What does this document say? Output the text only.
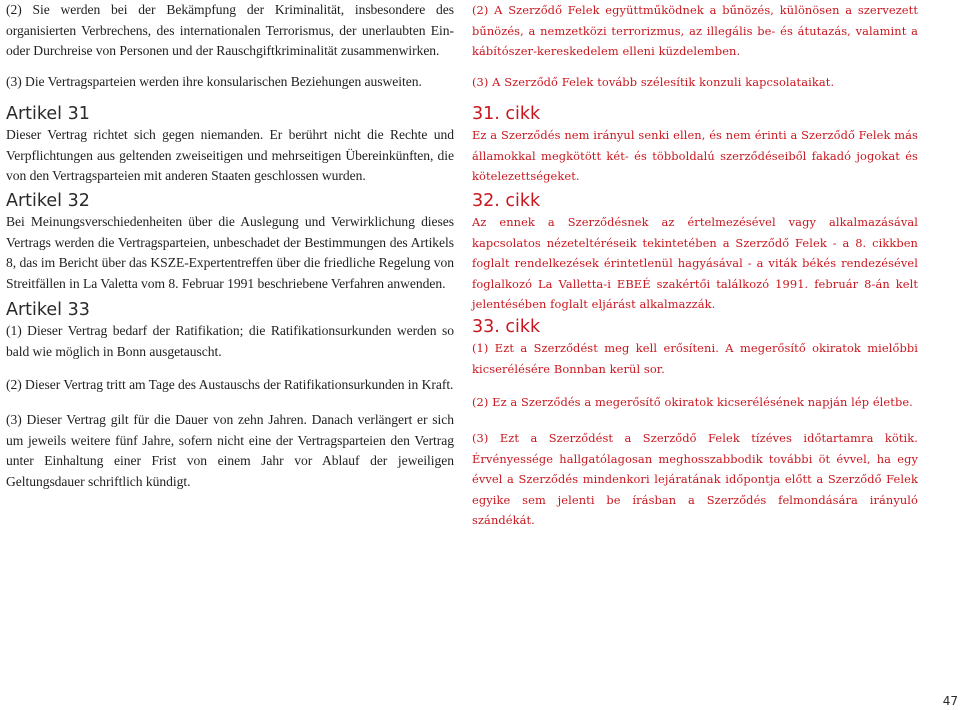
(2) Sie werden bei der Bekämpfung der Kriminalität, insbesondere des organisierten Verbrechens, des internationalen Terrorismus, der unerlaubten Ein- oder Durchreise von Personen und der Rauschgiftkriminalität zusammenwirken.

(3) Die Vertragsparteien werden ihre konsularischen Beziehungen ausweiten.

Artikel 31

Dieser Vertrag richtet sich gegen niemanden. Er berührt nicht die Rechte und Verpflichtungen aus geltenden zweiseitigen und mehrseitigen Übereinkünften, die von den Vertragsparteien mit anderen Staaten geschlossen wurden.

Artikel 32

Bei Meinungsverschiedenheiten über die Auslegung und Verwirklichung dieses Vertrags werden die Vertragsparteien, unbeschadet der Bestimmungen des Artikels 8, das im Bericht über das KSZE-Expertentreffen über die friedliche Regelung von Streitfällen in La Valetta vom 8. Februar 1991 beschriebene Verfahren anwenden.

Artikel 33

(1) Dieser Vertrag bedarf der Ratifikation; die Ratifikationsurkunden werden so bald wie möglich in Bonn ausgetauscht.

(2) Dieser Vertrag tritt am Tage des Austauschs der Ratifikationsurkunden in Kraft.

(3) Dieser Vertrag gilt für die Dauer von zehn Jahren. Danach verlängert er sich um jeweils weitere fünf Jahre, sofern nicht eine der Vertragsparteien den Vertrag unter Einhaltung einer Frist von einem Jahr vor Ablauf der jeweiligen Geltungsdauer schriftlich kündigt.

(2) A Szerződő Felek együttműködnek a bűnözés, különösen a szervezett bűnözés, a nemzetközi terrorizmus, az illegális be- és átutazás, valamint a kábítószer-kereskedelem elleni küzdelemben.

(3) A Szerződő Felek tovább szélesítik konzuli kapcsolataikat.

31. cikk

Ez a Szerződés nem irányul senki ellen, és nem érinti a Szerződő Felek más államokkal megkötött két- és többoldalú szerződéseiből fakadó jogokat és kötelezettségeket.

32. cikk

Az ennek a Szerződésnek az értelmezésével vagy alkalmazásával kapcsolatos nézeteltéréseik tekintetében a Szerződő Felek - a 8. cikkben foglalt rendelkezések érintetlenül hagyásával - a viták békés rendezésével foglalkozó La Valletta-i EBEÉ szakértői találkozó 1991. február 8-án kelt jelentésében foglalt eljárást alkalmazzák.

33. cikk

(1) Ezt a Szerződést meg kell erősíteni. A megerősítő okiratok mielőbbi kicserélésére Bonnban kerül sor.

(2) Ez a Szerződés a megerősítő okiratok kicserélésének napján lép életbe.

(3) Ezt a Szerződést a Szerződő Felek tízéves időtartamra kötik. Érvényessége hallgatólagosan meghosszabbodik további öt évvel, ha egy évvel a Szerződés mindenkori lejáratának időpontja előtt a Szerződő Felek egyike sem jelenti be írásban a Szerződés felmondására irányuló szándékát.

47
